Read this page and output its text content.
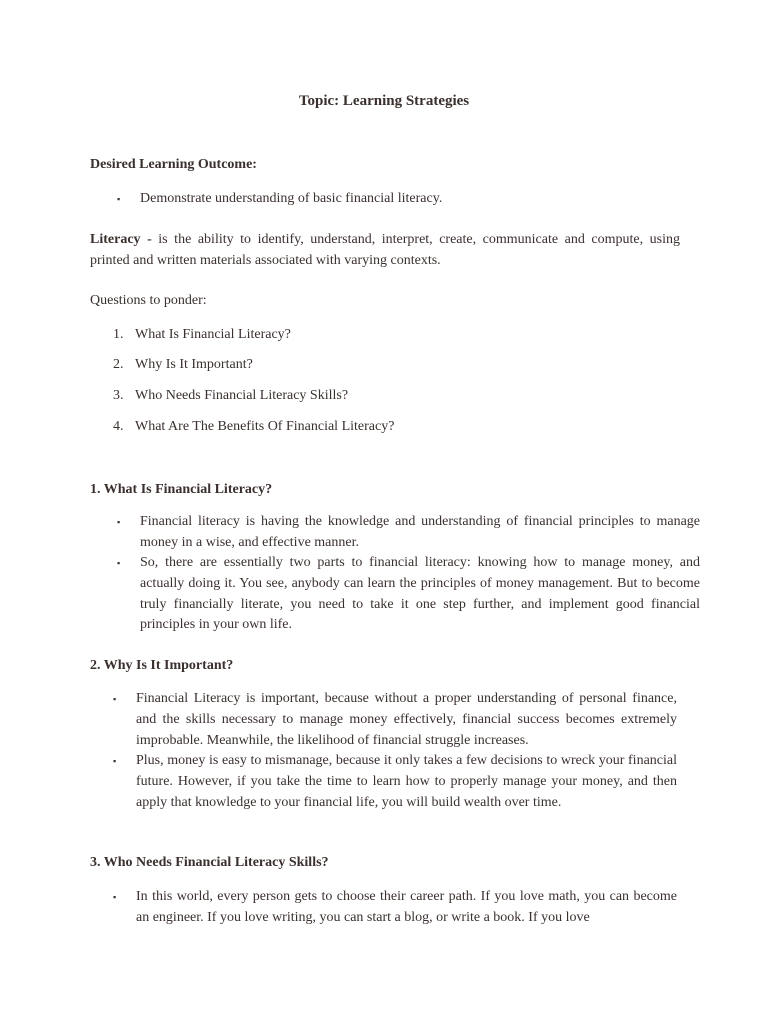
Topic: Learning Strategies
Desired Learning Outcome:
▪ Demonstrate understanding of basic financial literacy.
Literacy - is the ability to identify, understand, interpret, create, communicate and compute, using printed and written materials associated with varying contexts.
Questions to ponder:
1. What Is Financial Literacy?
2. Why Is It Important?
3. Who Needs Financial Literacy Skills?
4. What Are The Benefits Of Financial Literacy?
1. What Is Financial Literacy?
▪ Financial literacy is having the knowledge and understanding of financial principles to manage money in a wise, and effective manner.
▪ So, there are essentially two parts to financial literacy: knowing how to manage money, and actually doing it. You see, anybody can learn the principles of money management. But to become truly financially literate, you need to take it one step further, and implement good financial principles in your own life.
2. Why Is It Important?
▪ Financial Literacy is important, because without a proper understanding of personal finance, and the skills necessary to manage money effectively, financial success becomes extremely improbable. Meanwhile, the likelihood of financial struggle increases.
▪ Plus, money is easy to mismanage, because it only takes a few decisions to wreck your financial future. However, if you take the time to learn how to properly manage your money, and then apply that knowledge to your financial life, you will build wealth over time.
3. Who Needs Financial Literacy Skills?
▪ In this world, every person gets to choose their career path. If you love math, you can become an engineer. If you love writing, you can start a blog, or write a book. If you love
